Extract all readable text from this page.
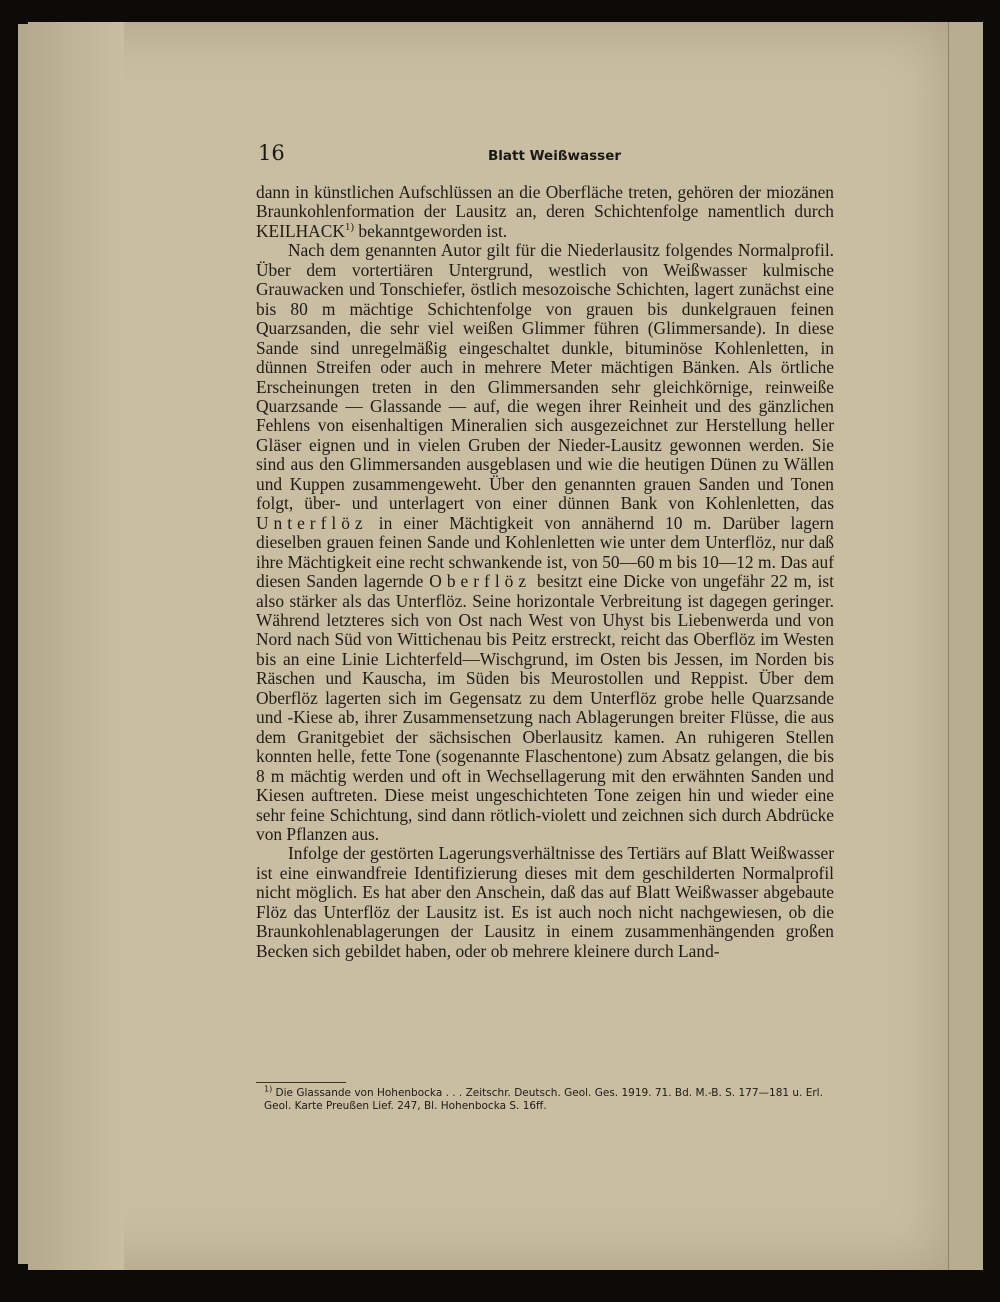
16	Blatt Weißwasser

dann in künstlichen Aufschlüssen an die Oberfläche treten, gehören der miozänen Braunkohlenformation der Lausitz an, deren Schichtenfolge namentlich durch KEILHACK$^{1)}$ bekanntgeworden ist.

Nach dem genannten Autor gilt für die Niederlausitz folgendes Normalprofil. Über dem vortertiären Untergrund, westlich von Weißwasser kulmische Grauwacken und Tonschiefer, östlich mesozoische Schichten, lagert zunächst eine bis 80 m mächtige Schichtenfolge von grauen bis dunkelgrauen feinen Quarzsanden, die sehr viel weißen Glimmer führen (Glimmersande). In diese Sande sind unregelmäßig eingeschaltet dunkle, bituminöse Kohlenletten, in dünnen Streifen oder auch in mehrere Meter mächtigen Bänken. Als örtliche Erscheinungen treten in den Glimmersanden sehr gleichkörnige, reinweiße Quarzsande — Glassande — auf, die wegen ihrer Reinheit und des gänzlichen Fehlens von eisenhaltigen Mineralien sich ausgezeichnet zur Herstellung heller Gläser eignen und in vielen Gruben der Nieder-Lausitz gewonnen werden. Sie sind aus den Glimmersanden ausgeblasen und wie die heutigen Dünen zu Wällen und Kuppen zusammengeweht. Über den genannten grauen Sanden und Tonen folgt, über- und unterlagert von einer dünnen Bank von Kohlenletten, das Unterflöz in einer Mächtigkeit von annähernd 10 m. Darüber lagern dieselben grauen feinen Sande und Kohlenletten wie unter dem Unterflöz, nur daß ihre Mächtigkeit eine recht schwankende ist, von 50—60 m bis 10—12 m. Das auf diesen Sanden lagernde Oberflöz besitzt eine Dicke von ungefähr 22 m, ist also stärker als das Unterflöz. Seine horizontale Verbreitung ist dagegen geringer. Während letzteres sich von Ost nach West von Uhyst bis Liebenwerda und von Nord nach Süd von Wittichenau bis Peitz erstreckt, reicht das Oberflöz im Westen bis an eine Linie Lichterfeld—Wischgrund, im Osten bis Jessen, im Norden bis Räschen und Kauscha, im Süden bis Meurostollen und Reppist. Über dem Oberflöz lagerten sich im Gegensatz zu dem Unterflöz grobe helle Quarzsande und -Kiese ab, ihrer Zusammensetzung nach Ablagerungen breiter Flüsse, die aus dem Granitgebiet der sächsischen Oberlausitz kamen. An ruhigeren Stellen konnten helle, fette Tone (sogenannte Flaschentone) zum Absatz gelangen, die bis 8 m mächtig werden und oft in Wechsellagerung mit den erwähnten Sanden und Kiesen auftreten. Diese meist ungeschichteten Tone zeigen hin und wieder eine sehr feine Schichtung, sind dann rötlich-violett und zeichnen sich durch Abdrücke von Pflanzen aus.

Infolge der gestörten Lagerungsverhältnisse des Tertiärs auf Blatt Weißwasser ist eine einwandfreie Identifizierung dieses mit dem geschilderten Normalprofil nicht möglich. Es hat aber den Anschein, daß das auf Blatt Weißwasser abgebaute Flöz das Unterflöz der Lausitz ist. Es ist auch noch nicht nachgewiesen, ob die Braunkohlenablagerungen der Lausitz in einem zusammenhängenden großen Becken sich gebildet haben, oder ob mehrere kleinere durch Land-

$^{1)}$ Die Glassande von Hohenbocka . . . Zeitschr. Deutsch. Geol. Ges. 1919. 71. Bd. M.-B. S. 177—181 u. Erl. Geol. Karte Preußen Lief. 247, Bl. Hohenbocka S. 16ff.
